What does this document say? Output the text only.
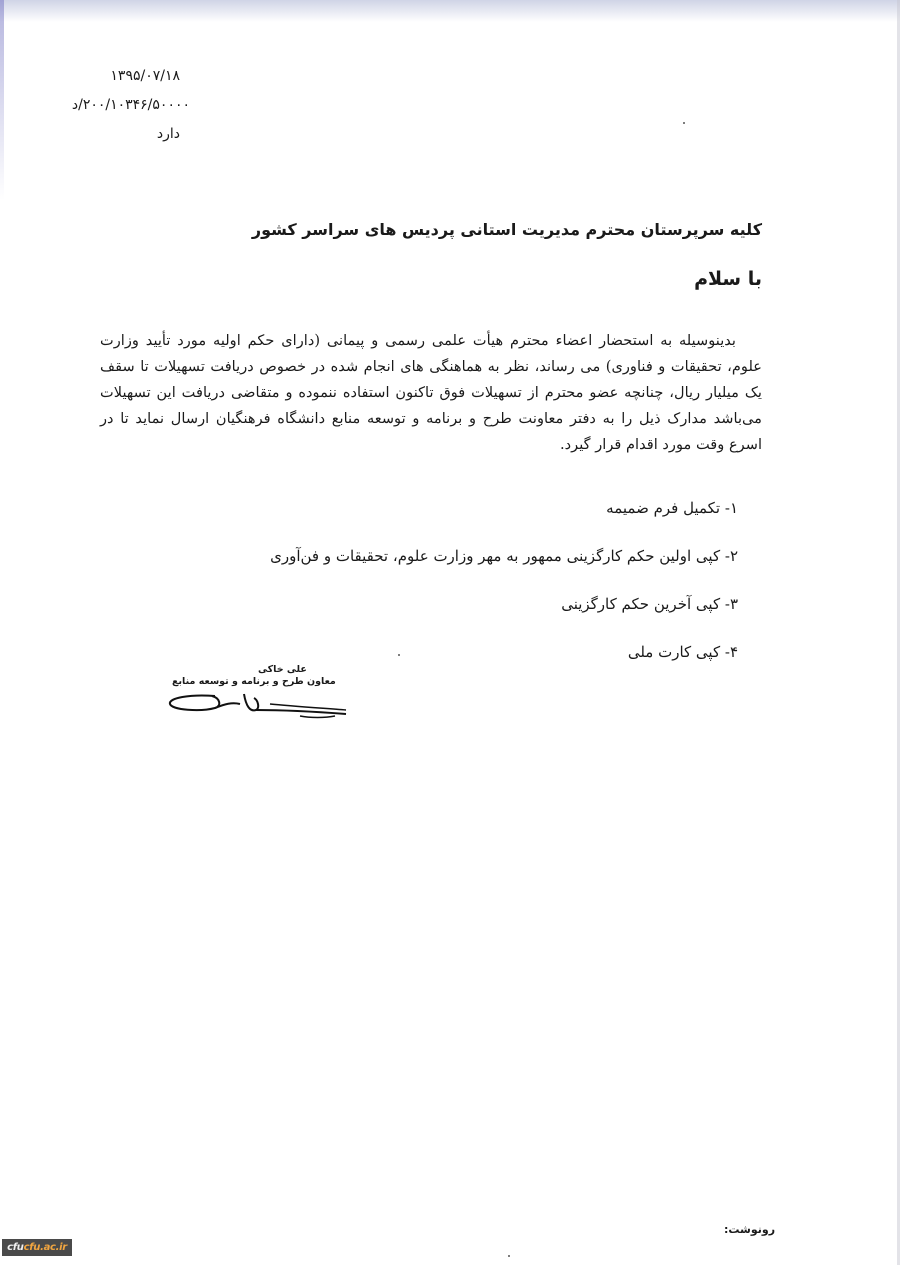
۱۳۹۵/۰۷/۱۸
۲۰۰/۱۰۳۴۶/۵۰۰۰۰/د
دارد
کلیه سرپرستان محترم مدیریت استانی پردیس های سراسر کشور
با سلام

بدینوسیله به استحضار اعضاء محترم هیأت علمی رسمی و پیمانی (دارای حکم اولیه مورد تأیید وزارت علوم، تحقیقات و فناوری) می رساند، نظر به هماهنگی های انجام شده در خصوص دریافت تسهیلات تا سقف یک میلیار ریال، چنانچه عضو محترم از تسهیلات فوق تاکنون استفاده ننموده و متقاضی دریافت این تسهیلات می‌باشد مدارک ذیل را به دفتر معاونت طرح و برنامه و توسعه منابع دانشگاه فرهنگیان ارسال نماید تا در اسرع وقت مورد اقدام قرار گیرد.

۱- تکمیل فرم ضمیمه
۲- کپی اولین حکم کارگزینی ممهور به مهر وزارت علوم، تحقیقات و فن‌آوری
۳- کپی آخرین حکم کارگزینی
۴- کپی کارت ملی
علی خاکی
معاون طرح و برنامه و توسعه منابع
رونوشت:
cfucfu.ac.ir
